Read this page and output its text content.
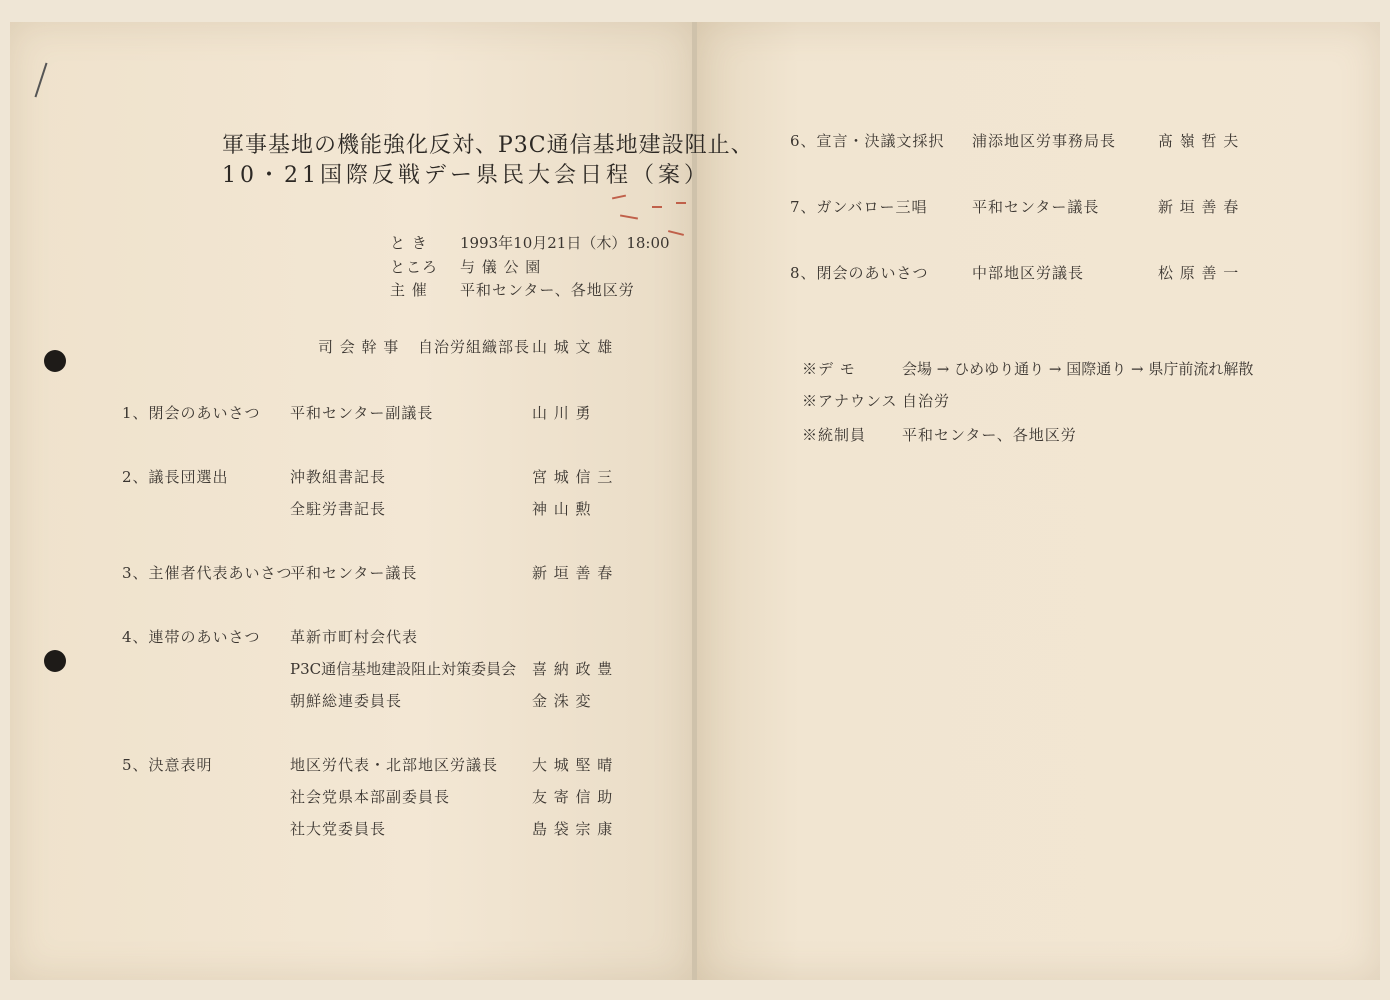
軍事基地の機能強化反対、P3C通信基地建設阻止、
10・21国際反戦デー県民大会日程（案）
と き 1993年10月21日（木）18:00
ところ 与 儀 公 園
主 催 平和センター、各地区労
司 会 幹 事 自治労組織部長 山 城 文 雄
1、閉会のあいさつ 平和センター副議長	山 川 勇
2、議長団選出	沖教組書記長	宮 城 信 三
全駐労書記長	神 山 勲
3、主催者代表あいさつ
平和センター議長	新 垣 善 春
4、連帯のあいさつ 革新市町村会代表
P3C通信基地建設阻止対策委員会 喜 納 政 豊
朝鮮総連委員長	金 洙 変
5、決意表明	地区労代表・北部地区労議長 大 城 堅 晴
社会党県本部副委員長	友 寄 信 助
社大党委員長	島 袋 宗 康
6、宣言・決議文採択 浦添地区労事務局長	髙 嶺 哲 夫
7、ガンバロー三唱	平和センター議長	新 垣 善 春
8、閉会のあいさつ	中部地区労議長	松 原 善 一
※デ モ	会場 → ひめゆり通り → 国際通り → 県庁前流れ解散
※アナウンス 自治労
※統制員 平和センター、各地区労
